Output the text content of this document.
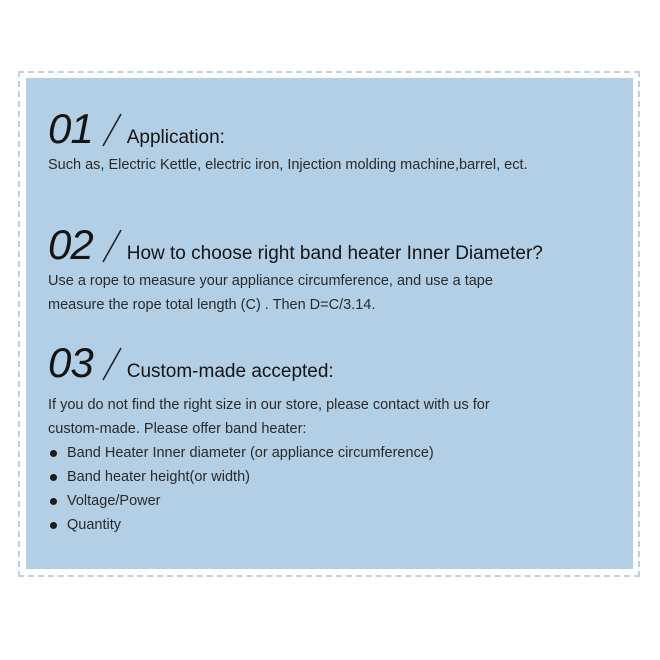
01 Application:
Such as, Electric Kettle, electric iron, Injection molding machine,barrel, ect.
02 How to choose right band heater Inner Diameter?
Use a rope to measure your appliance circumference, and use a tape
measure the rope total length (C) . Then D=C/3.14.
03 Custom-made accepted:
If you do not find the right size in our store, please contact with us for
custom-made. Please offer band heater:
Band Heater Inner diameter (or appliance circumference)
Band heater height(or width)
Voltage/Power
Quantity
